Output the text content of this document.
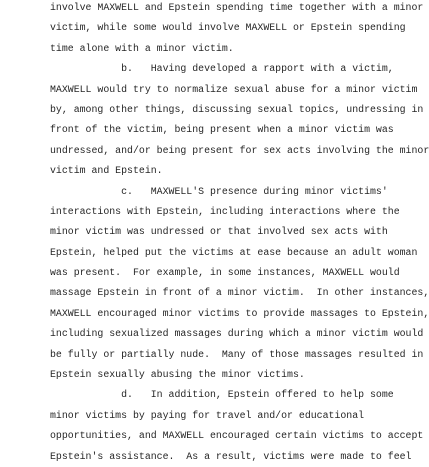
involve MAXWELL and Epstein spending time together with a minor
victim, while some would involve MAXWELL or Epstein spending
time alone with a minor victim.
b.   Having developed a rapport with a victim,
MAXWELL would try to normalize sexual abuse for a minor victim
by, among other things, discussing sexual topics, undressing in
front of the victim, being present when a minor victim was
undressed, and/or being present for sex acts involving the minor
victim and Epstein.
c.   MAXWELL'S presence during minor victims'
interactions with Epstein, including interactions where the
minor victim was undressed or that involved sex acts with
Epstein, helped put the victims at ease because an adult woman
was present.  For example, in some instances, MAXWELL would
massage Epstein in front of a minor victim.  In other instances,
MAXWELL encouraged minor victims to provide massages to Epstein,
including sexualized massages during which a minor victim would
be fully or partially nude.  Many of those massages resulted in
Epstein sexually abusing the minor victims.
d.   In addition, Epstein offered to help some
minor victims by paying for travel and/or educational
opportunities, and MAXWELL encouraged certain victims to accept
Epstein's assistance.  As a result, victims were made to feel
